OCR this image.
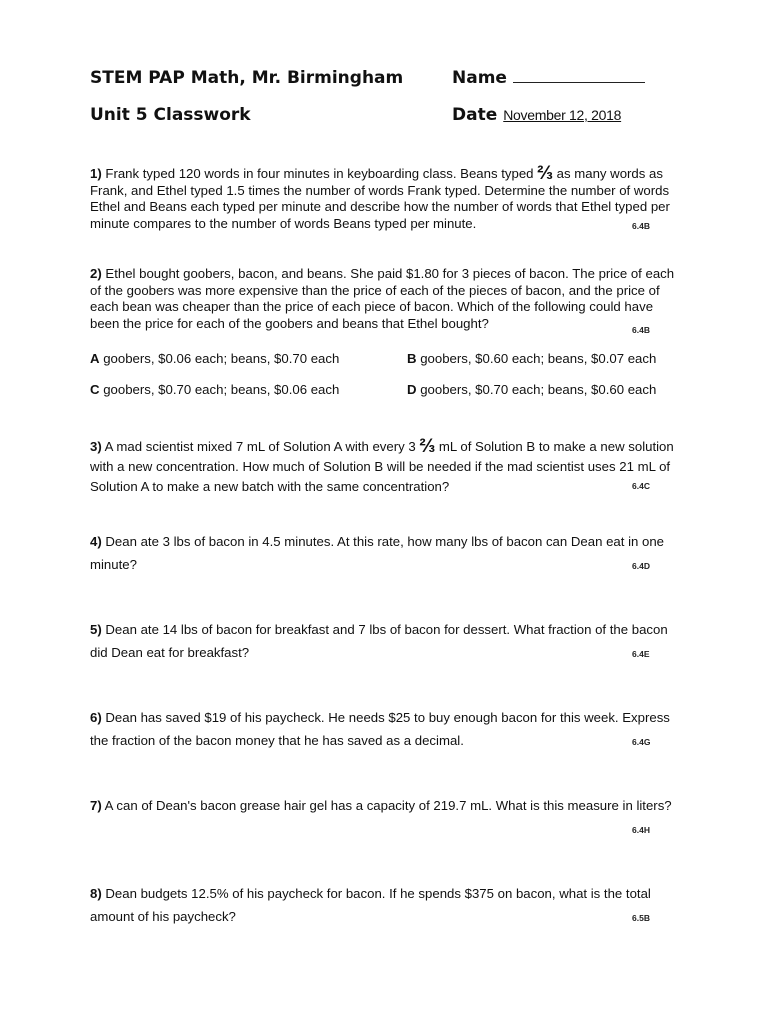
STEM PAP Math, Mr. Birmingham	Name
Unit 5 Classwork	Date November 12, 2018
1) Frank typed 120 words in four minutes in keyboarding class. Beans typed ⅔ as many words as Frank, and Ethel typed 1.5 times the number of words Frank typed. Determine the number of words Ethel and Beans each typed per minute and describe how the number of words that Ethel typed per minute compares to the number of words Beans typed per minute.	6.4B
2) Ethel bought goobers, bacon, and beans. She paid $1.80 for 3 pieces of bacon. The price of each of the goobers was more expensive than the price of each of the pieces of bacon, and the price of each bean was cheaper than the price of each piece of bacon. Which of the following could have been the price for each of the goobers and beans that Ethel bought?	6.4B
A goobers, $0.06 each; beans, $0.70 each	B goobers, $0.60 each; beans, $0.07 each
C goobers, $0.70 each; beans, $0.06 each	D goobers, $0.70 each; beans, $0.60 each
3) A mad scientist mixed 7 mL of Solution A with every 3 ⅔ mL of Solution B to make a new solution with a new concentration. How much of Solution B will be needed if the mad scientist uses 21 mL of Solution A to make a new batch with the same concentration?	6.4C
4) Dean ate 3 lbs of bacon in 4.5 minutes. At this rate, how many lbs of bacon can Dean eat in one minute?	6.4D
5) Dean ate 14 lbs of bacon for breakfast and 7 lbs of bacon for dessert. What fraction of the bacon did Dean eat for breakfast?	6.4E
6) Dean has saved $19 of his paycheck. He needs $25 to buy enough bacon for this week. Express the fraction of the bacon money that he has saved as a decimal.	6.4G
7) A can of Dean's bacon grease hair gel has a capacity of 219.7 mL. What is this measure in liters?
6.4H
8) Dean budgets 12.5% of his paycheck for bacon. If he spends $375 on bacon, what is the total amount of his paycheck?	6.5B
